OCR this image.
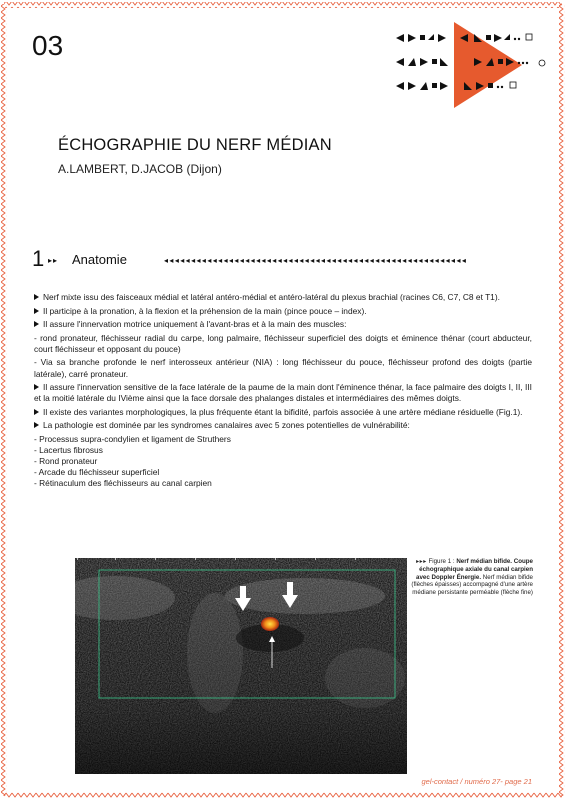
03
ÉCHOGRAPHIE DU NERF MÉDIAN
A.LAMBERT, D.JACOB (Dijon)
1 ▸▸ Anatomie	◂◂◂◂◂◂◂◂◂◂◂◂◂◂◂◂◂◂◂◂◂◂◂◂◂◂◂◂◂◂◂◂◂◂◂◂◂◂◂◂◂◂◂◂◂◂◂◂◂◂◂◂◂◂◂◂

Nerf mixte issu des faisceaux médial et latéral antéro-médial et antéro-latéral du plexus brachial (racines C6, C7, C8 et T1).

Il participe à la pronation, à la flexion et la préhension de la main (pince pouce – index).

Il assure l'innervation motrice uniquement à l'avant-bras et à la main des muscles:

- rond pronateur, fléchisseur radial du carpe, long palmaire, fléchisseur superficiel des doigts et éminence thénar (court abducteur, court fléchisseur et opposant du pouce)

- Via sa branche profonde le nerf interosseux antérieur (NIA) : long fléchisseur du pouce, fléchisseur profond des doigts (partie latérale), carré pronateur.

Il assure l'innervation sensitive de la face latérale de la paume de la main dont l'éminence thénar, la face palmaire des doigts I, II, III et la moitié latérale du IVième ainsi que la face dorsale des phalanges distales et intermédiaires des mêmes doigts.

Il existe des variantes morphologiques, la plus fréquente étant la bifidité, parfois associée à une artère médiane résiduelle (Fig.1).

La pathologie est dominée par les syndromes canalaires avec 5 zones potentielles de vulnérabilité:

- Processus supra-condylien et ligament de Struthers
- Lacertus fibrosus
- Rond pronateur
- Arcade du fléchisseur superficiel
- Rétinaculum des fléchisseurs au canal carpien
▸▸▸ Figure 1 : Nerf médian bifide. Coupe échographique axiale du canal carpien avec Doppler Énergie. Nerf médian bifide (flèches épaisses) accompagné d'une artère médiane persistante perméable (flèche fine)
gel-contact / numéro 27- page 21
